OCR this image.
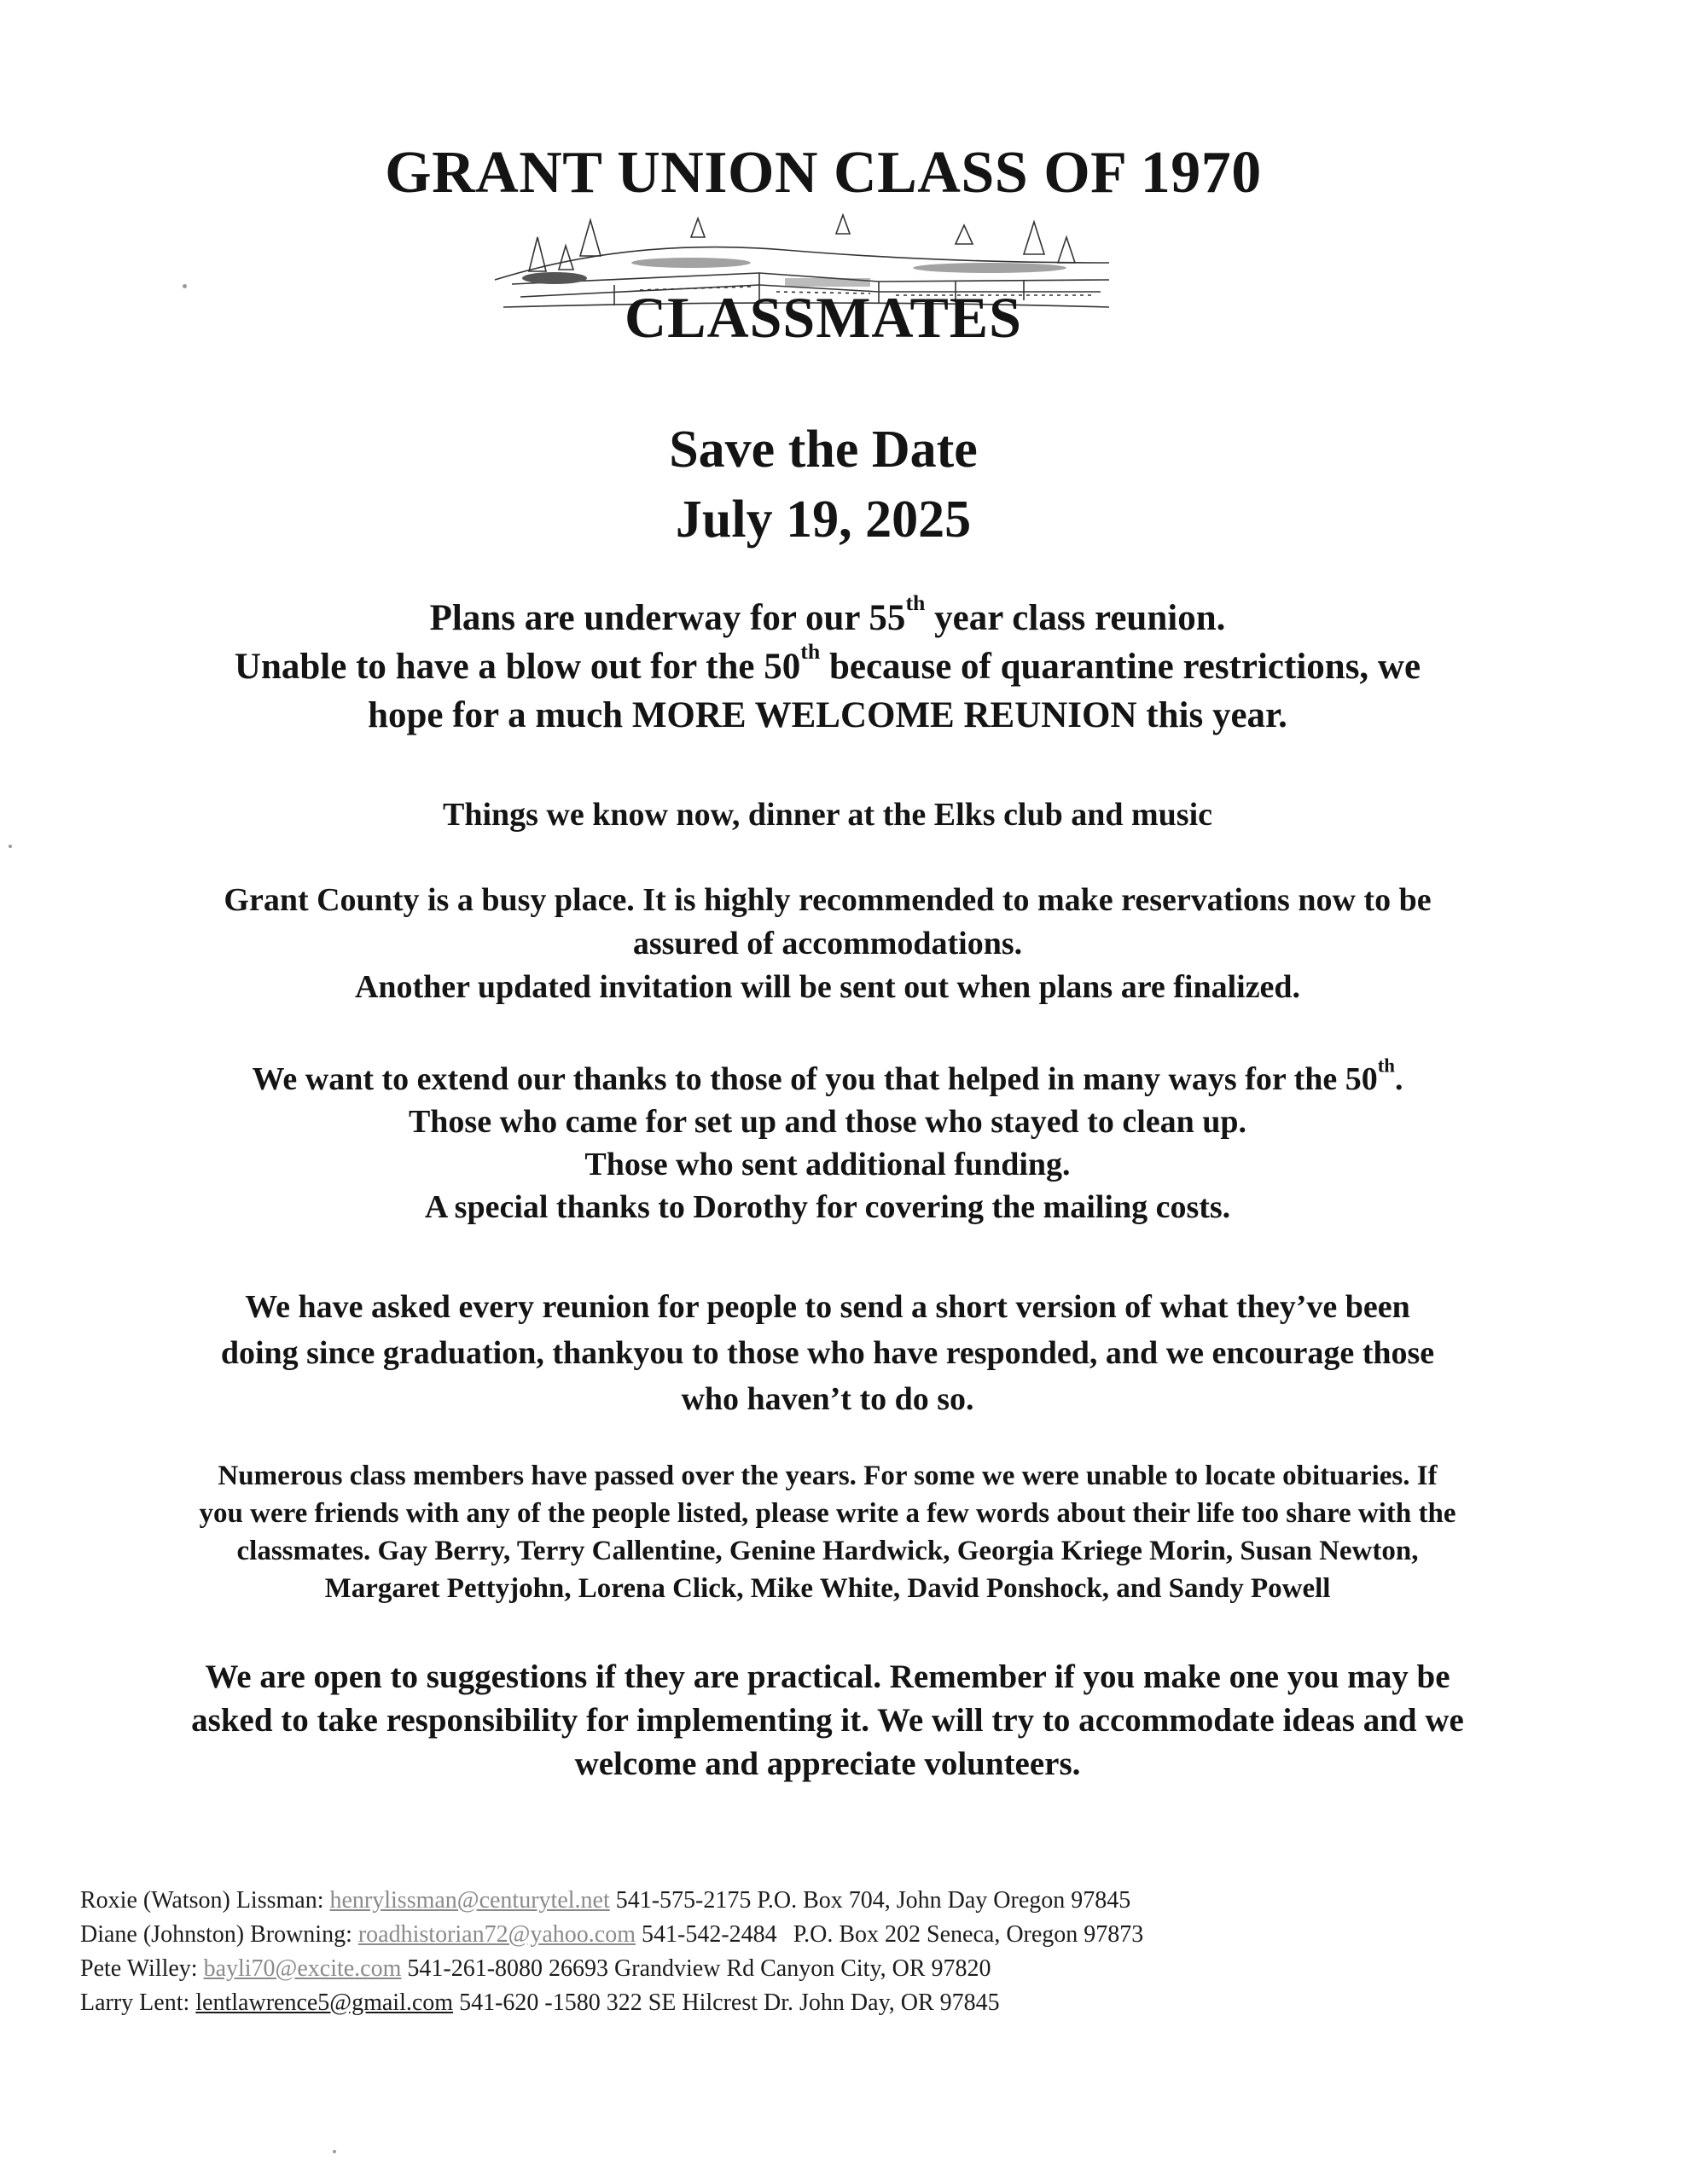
GRANT UNION CLASS OF 1970
CLASSMATES
Save the Date
July 19, 2025
Plans are underway for our 55th year class reunion.
Unable to have a blow out for the 50th because of quarantine restrictions, we
hope for a much MORE WELCOME REUNION this year.
Things we know now, dinner at the Elks club and music
Grant County is a busy place. It is highly recommended to make reservations now to be
assured of accommodations.
Another updated invitation will be sent out when plans are finalized.
We want to extend our thanks to those of you that helped in many ways for the 50th.
Those who came for set up and those who stayed to clean up.
Those who sent additional funding.
A special thanks to Dorothy for covering the mailing costs.
We have asked every reunion for people to send a short version of what they’ve been
doing since graduation, thankyou to those who have responded, and we encourage those
who haven’t to do so.
Numerous class members have passed over the years. For some we were unable to locate obituaries. If
you were friends with any of the people listed, please write a few words about their life too share with the
classmates. Gay Berry, Terry Callentine, Genine Hardwick, Georgia Kriege Morin, Susan Newton,
Margaret Pettyjohn, Lorena Click, Mike White, David Ponshock, and Sandy Powell
We are open to suggestions if they are practical. Remember if you make one you may be
asked to take responsibility for implementing it. We will try to accommodate ideas and we
welcome and appreciate volunteers.
Roxie (Watson) Lissman: henrylissman@centurytel.net 541-575-2175 P.O. Box 704, John Day Oregon 97845
Diane (Johnston) Browning: roadhistorian72@yahoo.com 541-542-2484 P.O. Box 202 Seneca, Oregon 97873
Pete Willey: bayli70@excite.com 541-261-8080 26693 Grandview Rd Canyon City, OR 97820
Larry Lent: lentlawrence5@gmail.com 541-620 -1580 322 SE Hilcrest Dr. John Day, OR 97845
